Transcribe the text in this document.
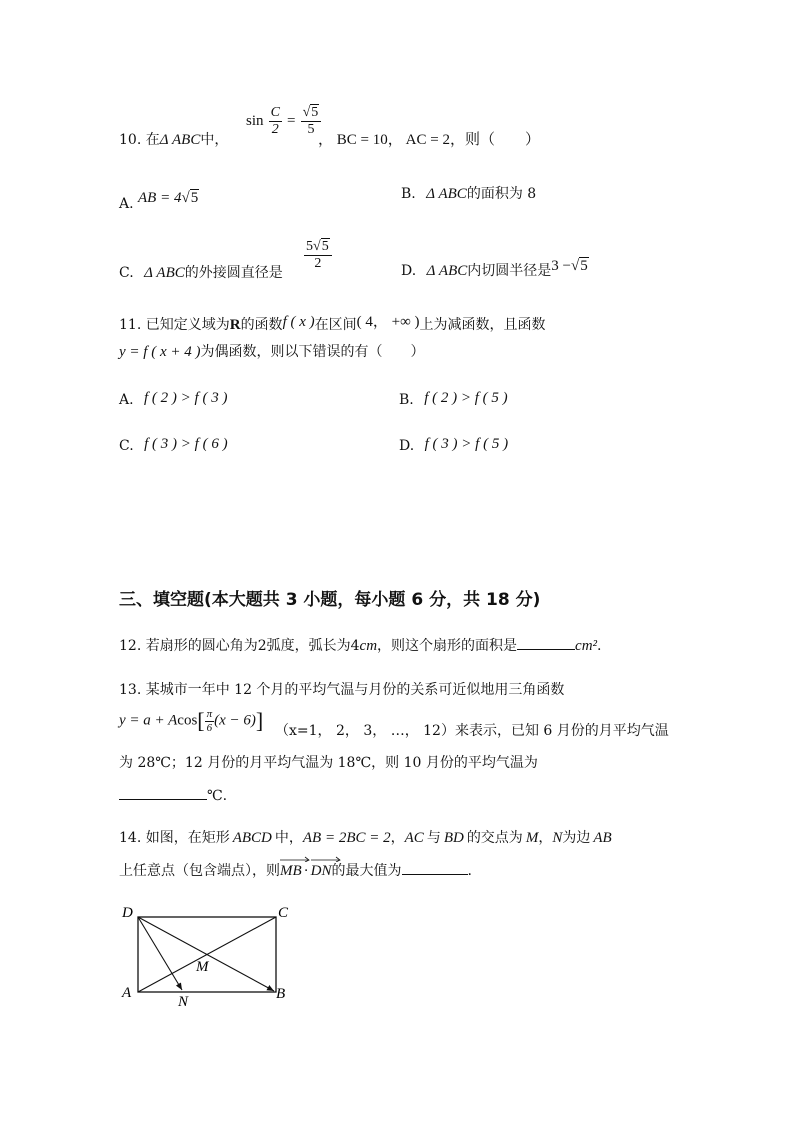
10. 在Δ ABC中，
$\sin \frac{C}{2} = \frac{√5}{5}$
， BC = 10， AC = 2，则（　　）
A. AB = 4√5	B. Δ ABC的面积为 8
C. Δ ABC的外接圆直径是
$\frac{5√5}{2}$	D. Δ ABC内切圆半径是3 −√5
11. 已知定义域为R的函数f ( x )在区间( 4， +∞ )上为减函数，且函数
y = f ( x + 4 )为偶函数，则以下错误的有（　　）
A. f ( 2 ) > f ( 3 )	B. f ( 2 ) > f ( 5 )
C. f ( 3 ) > f ( 6 )	D. f ( 3 ) > f ( 5 )
三、填空题(本大题共 3 小题，每小题 6 分，共 18 分)
12. 若扇形的圆心角为2弧度，弧长为4cm，则这个扇形的面积是	cm².
13. 某城市一年中 12 个月的平均气温与月份的关系可近似地用三角函数
$y = a + Acos[ \frac{\pi}{6} (x - 6)]$ （x=1， 2， 3， …， 12）来表示，已知 6 月份的月平均气温
为 28℃；12 月份的月平均气温为 18℃，则 10 月份的平均气温为
℃.
14. 如图，在矩形 ABCD 中，AB = 2BC = 2，AC 与 BD 的交点为 M，N为边 AB
上任意点（包含端点），则MB · DN
的最大值为	.
D	C
A	B
M
N
